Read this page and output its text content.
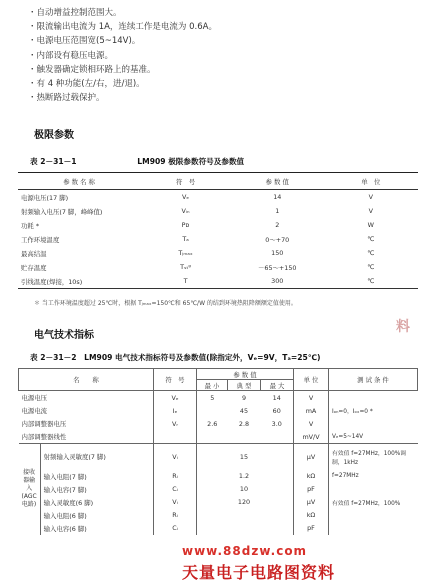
・自动增益控制范围大。
・限流输出电流为 1A，连续工作是电流为 0.6A。
・电源电压范围宽(5~14V)。
・内部设有稳压电源。
・触发器确定锁相环路上的基准。
・有 4 种功能(左/右，进/退)。
・热断路过载保护。
极限参数
表 2－31－1　　　　　　　　LM909 极限参数符号及参数值
参 数 名 称	符　号	参 数 值	单　位
电源电压(17 脚)	Vₑ	14	V
射频输入电压(7 脚，峰峰值)	Vᵢₙ	1	V
功耗 *	Pᴅ	2	W
工作环境温度	Tₐ	0～+70	℃
最高结温	Tⱼₘₐₓ	150	℃
贮存温度	Tₛₜᵍ	－65～+150	℃
引线温度(焊接，10s)	T	300	℃
＊ 当工作环境温度超过 25℃时，根据 Tⱼₘₐₓ=150℃和 65℃/W 的结到环境热阻降额额定值使用。
电气技术指标
表 2－31－2　LM909 电气技术指标符号及参数值(除指定外，Vₑ=9V，Tₐ=25℃)
名　　称		符　号	参 数 值			单 位	测 试 条 件
			最 小	典 型	最 大		
电源电压		Vₑ	5	9	14	V	
电源电流		Iₑ		45	60	mA	Iₒₙ=0，Iₒₓ=0 *
内部调整器电压		Vᵣ	2.6	2.8	3.0	V	
内部调整器线性						mV/V	Vₑ=5~14V
接收器输入(AGC 电路)	射频输入灵敏度(7 脚)	Vᵢ		15		μV	有效值 f=27MHz，100%调制，1kHz
	输入电阻(7 脚)	Rᵢ		1.2		kΩ	f=27MHz
	输入电容(7 脚)	Cᵢ		10		pF	
	输入灵敏度(6 脚)	Vᵢ		120		μV	有效值 f=27MHz，100%
	输入电阻(6 脚)	Rᵢ				kΩ	
	输入电容(6 脚)	Cᵢ				pF	
料
www.88dzw.com
天量电子电路图资料
